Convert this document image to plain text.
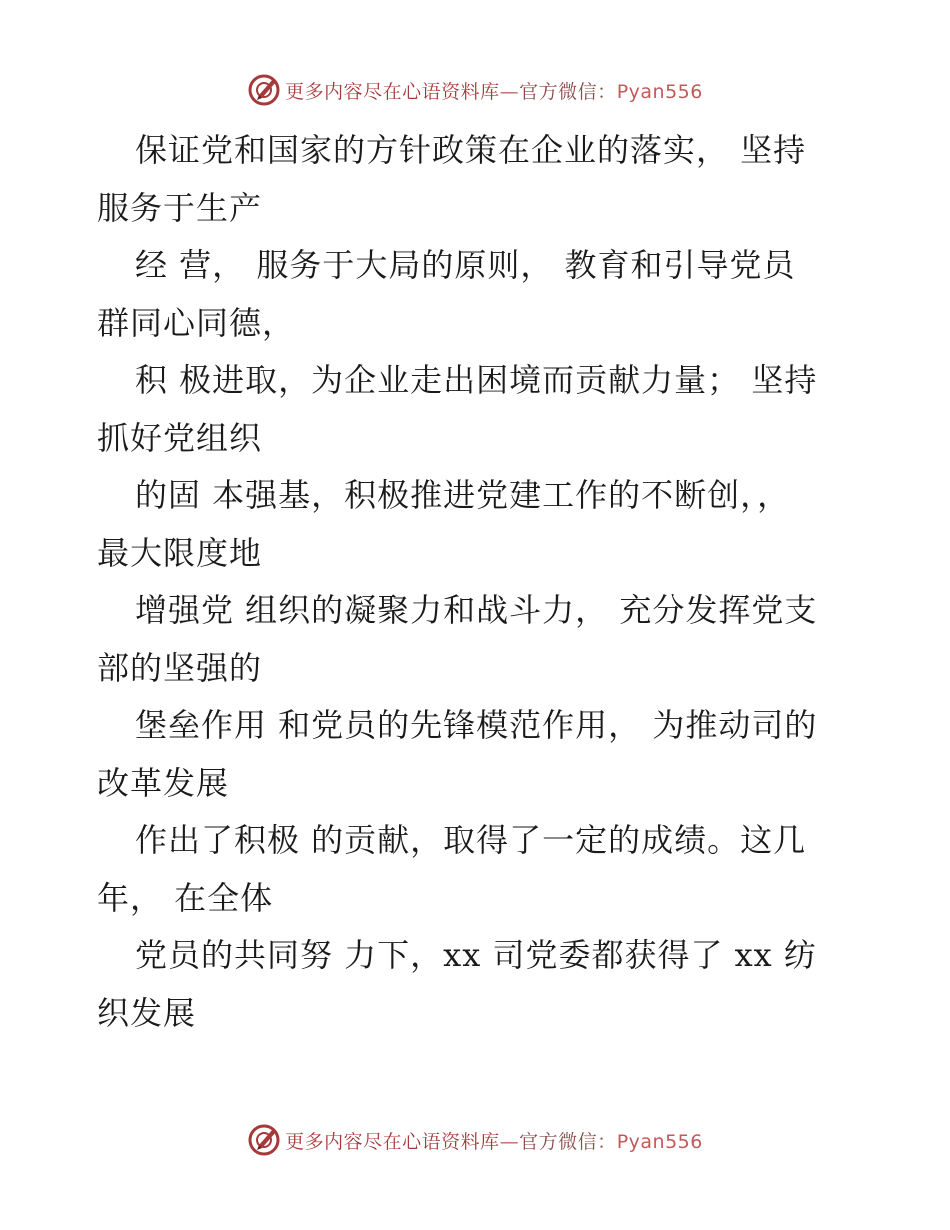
更多内容尽在心语资料库—官方微信：Pyan556

保证党和国家的方针政策在企业的落实， 坚持
服务于生产

经 营， 服务于大局的原则， 教育和引导党员
群同心同德，

积 极进取，为企业走出困境而贡献力量； 坚持
抓好党组织

的固 本强基，积极推进党建工作的不断创，，
最大限度地

增强党 组织的凝聚力和战斗力， 充分发挥党支
部的坚强的

堡垒作用 和党员的先锋模范作用， 为推动司的
改革发展

作出了积极 的贡献，取得了一定的成绩。这几
年， 在全体

党员的共同努 力下，xx 司党委都获得了 xx 纺
织发展

更多内容尽在心语资料库—官方微信：Pyan556
